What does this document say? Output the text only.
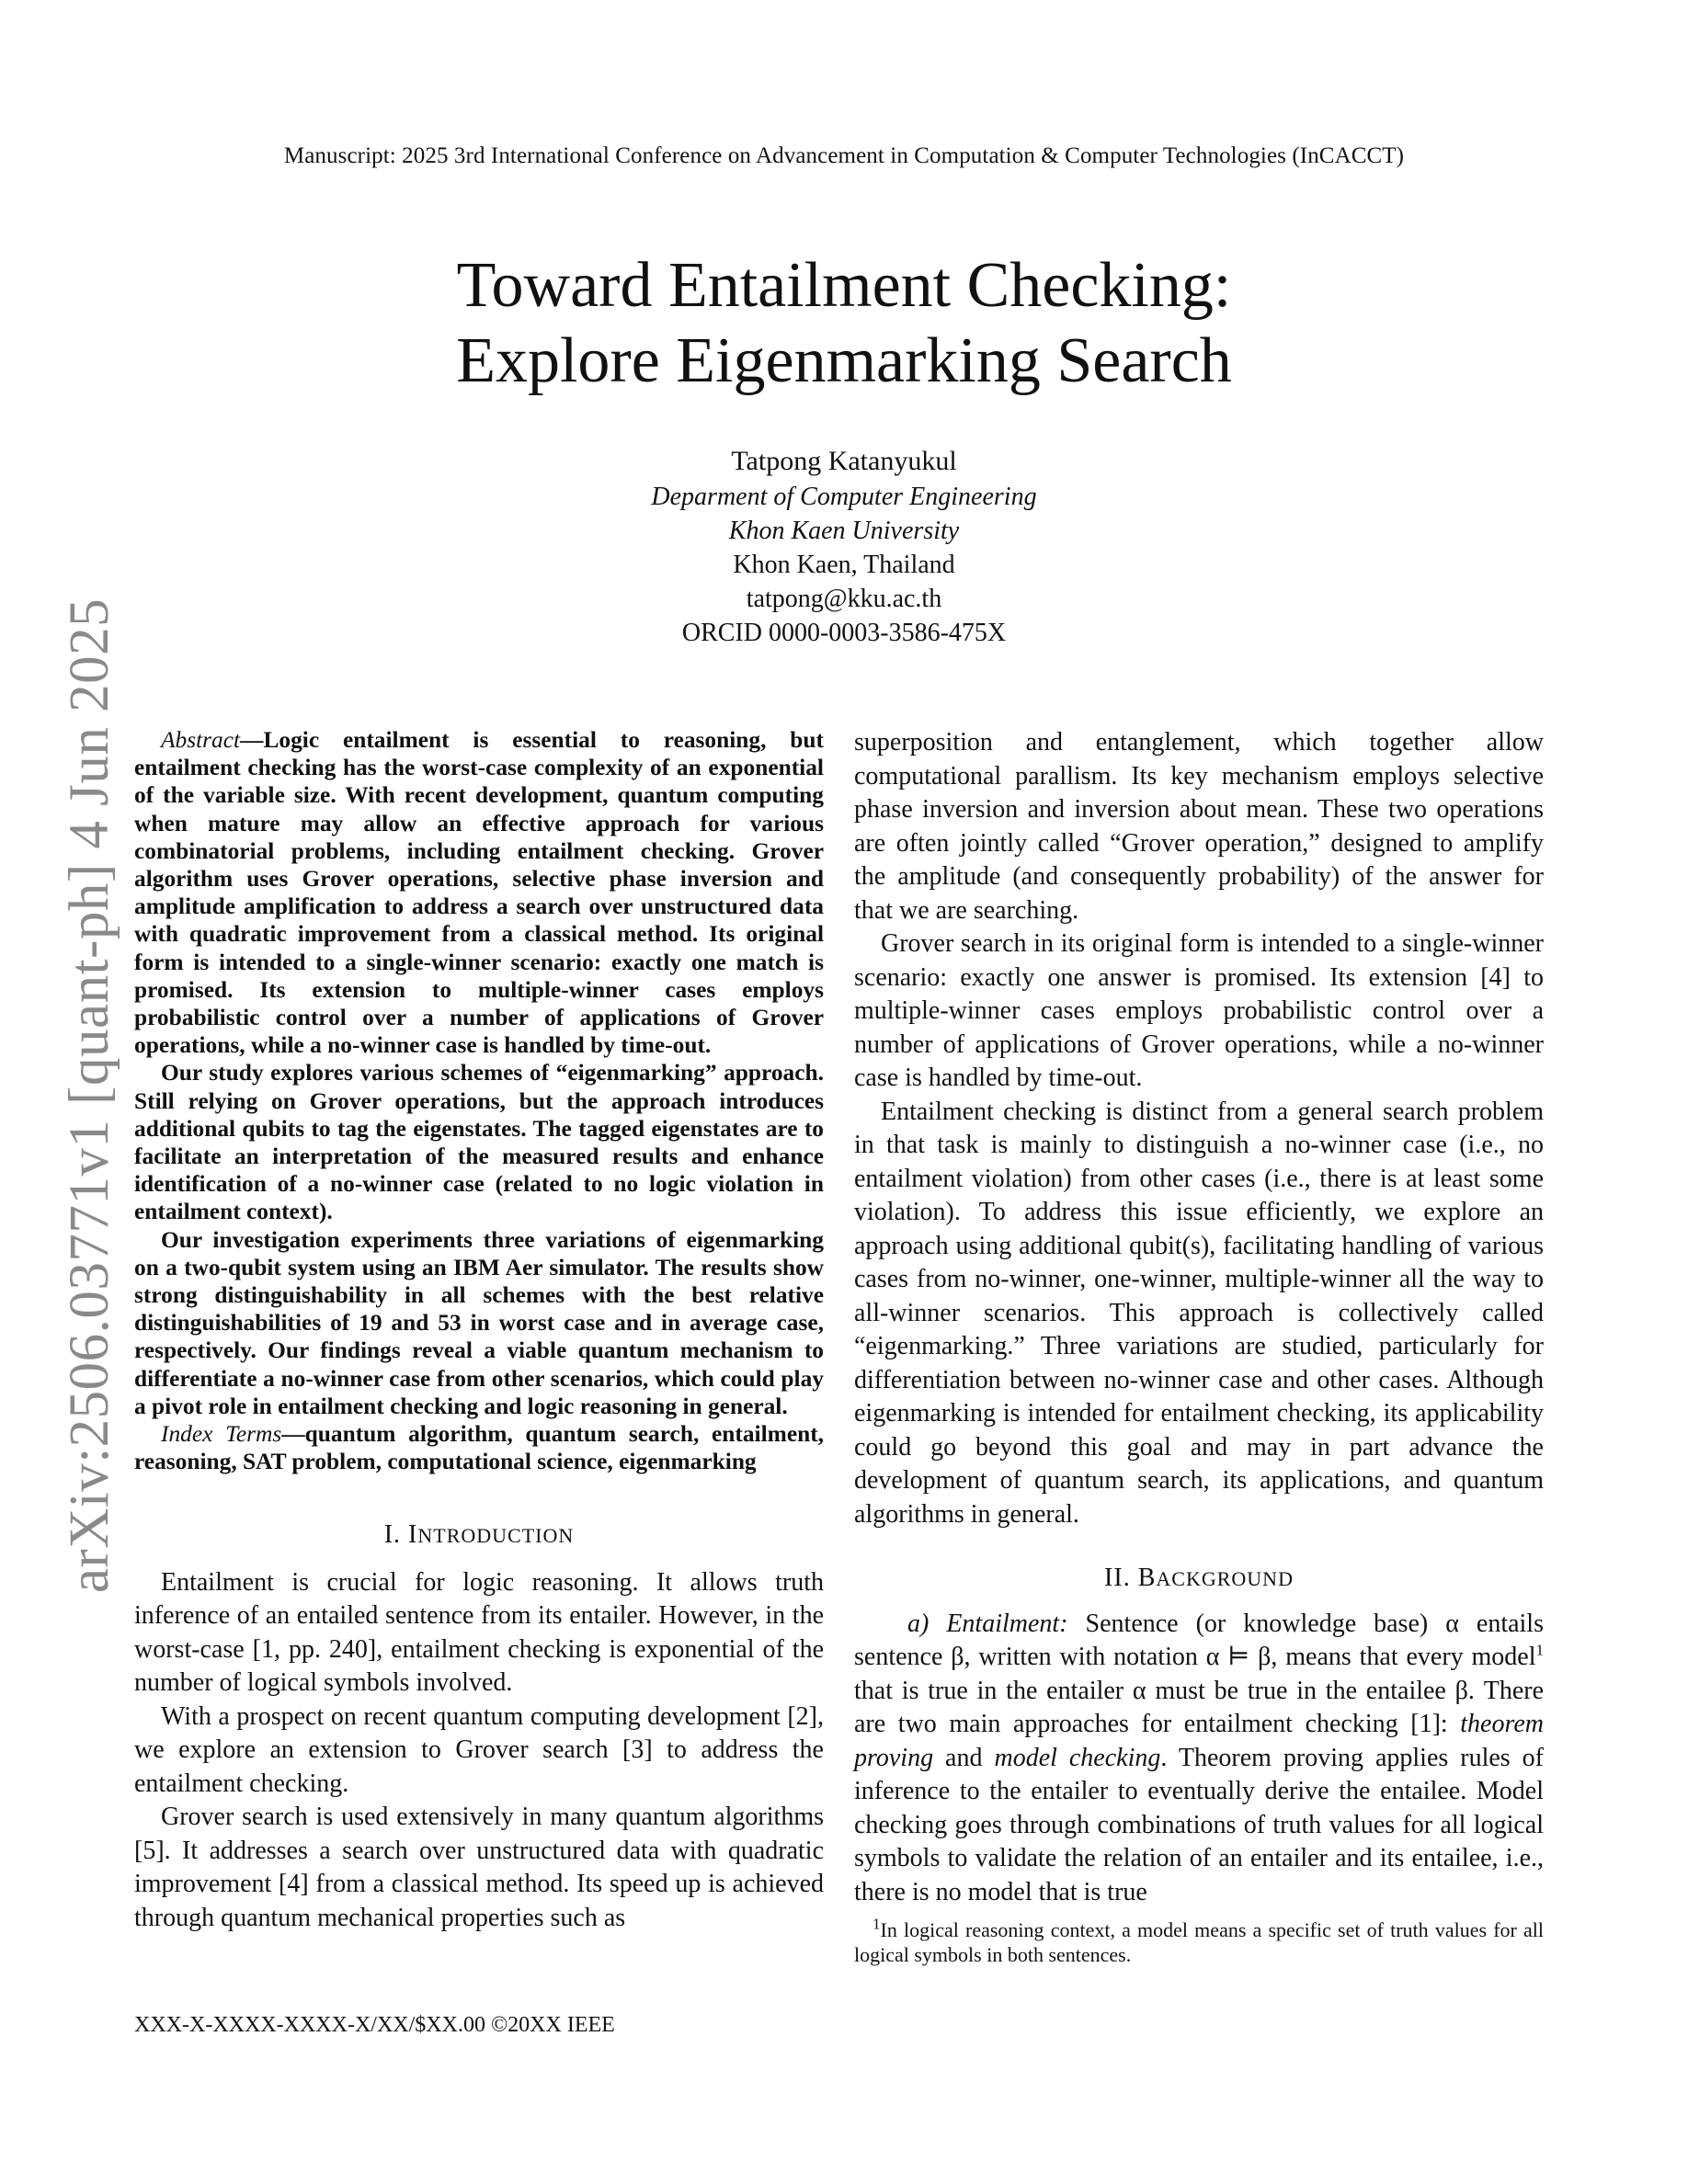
Manuscript: 2025 3rd International Conference on Advancement in Computation & Computer Technologies (InCACCT)
arXiv:2506.03771v1 [quant-ph] 4 Jun 2025
Toward Entailment Checking:
Explore Eigenmarking Search
Tatpong Katanyukul
Deparment of Computer Engineering
Khon Kaen University
Khon Kaen, Thailand
tatpong@kku.ac.th
ORCID 0000-0003-3586-475X

Abstract—Logic entailment is essential to reasoning, but entailment checking has the worst-case complexity of an exponential of the variable size. With recent development, quantum computing when mature may allow an effective approach for various combinatorial problems, including entailment checking. Grover algorithm uses Grover operations, selective phase inversion and amplitude amplification to address a search over unstructured data with quadratic improvement from a classical method. Its original form is intended to a single-winner scenario: exactly one match is promised. Its extension to multiple-winner cases employs probabilistic control over a number of applications of Grover operations, while a no-winner case is handled by time-out.

Our study explores various schemes of “eigenmarking” approach. Still relying on Grover operations, but the approach introduces additional qubits to tag the eigenstates. The tagged eigenstates are to facilitate an interpretation of the measured results and enhance identification of a no-winner case (related to no logic violation in entailment context).

Our investigation experiments three variations of eigenmarking on a two-qubit system using an IBM Aer simulator. The results show strong distinguishability in all schemes with the best relative distinguishabilities of 19 and 53 in worst case and in average case, respectively. Our findings reveal a viable quantum mechanism to differentiate a no-winner case from other scenarios, which could play a pivot role in entailment checking and logic reasoning in general.

Index Terms—quantum algorithm, quantum search, entailment, reasoning, SAT problem, computational science, eigenmarking

I. INTRODUCTION

Entailment is crucial for logic reasoning. It allows truth inference of an entailed sentence from its entailer. However, in the worst-case [1, pp. 240], entailment checking is exponential of the number of logical symbols involved.

With a prospect on recent quantum computing development [2], we explore an extension to Grover search [3] to address the entailment checking.

Grover search is used extensively in many quantum algorithms [5]. It addresses a search over unstructured data with quadratic improvement [4] from a classical method. Its speed up is achieved through quantum mechanical properties such as

superposition and entanglement, which together allow computational parallism. Its key mechanism employs selective phase inversion and inversion about mean. These two operations are often jointly called “Grover operation,” designed to amplify the amplitude (and consequently probability) of the answer for that we are searching.

Grover search in its original form is intended to a single-winner scenario: exactly one answer is promised. Its extension [4] to multiple-winner cases employs probabilistic control over a number of applications of Grover operations, while a no-winner case is handled by time-out.

Entailment checking is distinct from a general search problem in that task is mainly to distinguish a no-winner case (i.e., no entailment violation) from other cases (i.e., there is at least some violation). To address this issue efficiently, we explore an approach using additional qubit(s), facilitating handling of various cases from no-winner, one-winner, multiple-winner all the way to all-winner scenarios. This approach is collectively called “eigenmarking.” Three variations are studied, particularly for differentiation between no-winner case and other cases. Although eigenmarking is intended for entailment checking, its applicability could go beyond this goal and may in part advance the development of quantum search, its applications, and quantum algorithms in general.

II. BACKGROUND

a) Entailment: Sentence (or knowledge base) α entails sentence β, written with notation α ⊨ β, means that every model$^1$ that is true in the entailer α must be true in the entailee β. There are two main approaches for entailment checking [1]: theorem proving and model checking. Theorem proving applies rules of inference to the entailer to eventually derive the entailee. Model checking goes through combinations of truth values for all logical symbols to validate the relation of an entailer and its entailee, i.e., there is no model that is true

$^1$In logical reasoning context, a model means a specific set of truth values for all logical symbols in both sentences.

XXX-X-XXXX-XXXX-X/XX/$XX.00 ©20XX IEEE
